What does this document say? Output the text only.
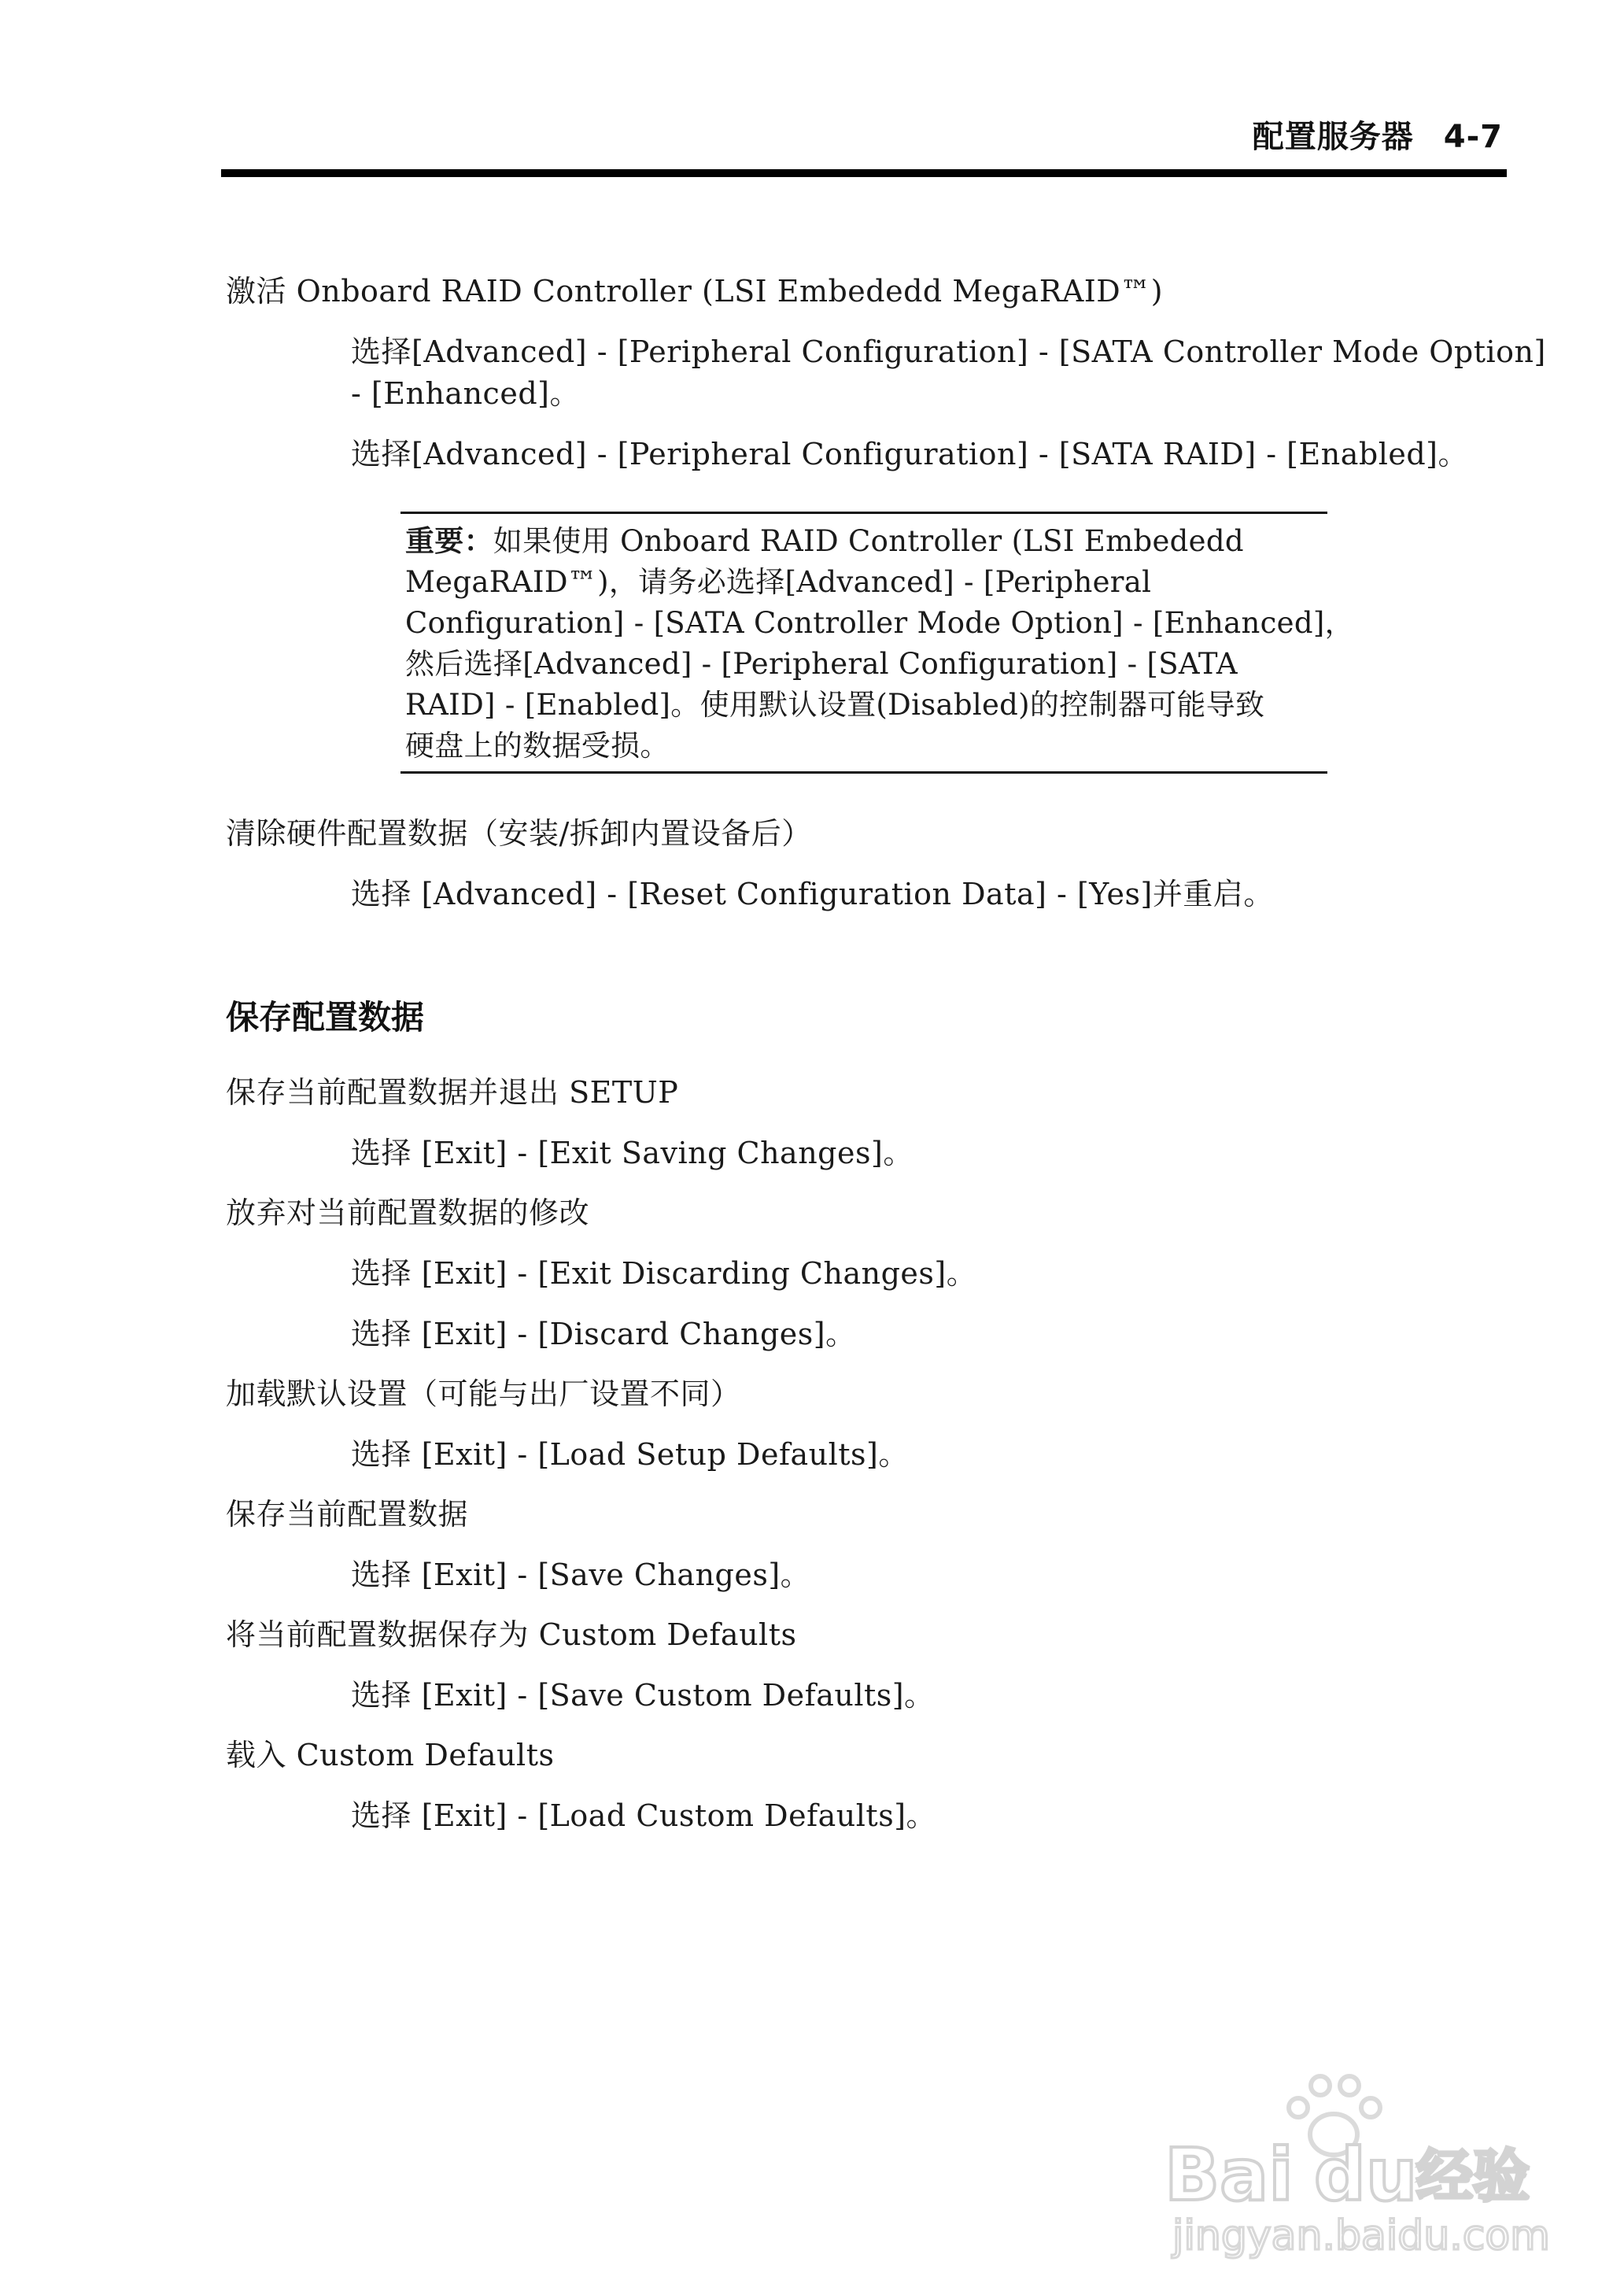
配置服务器 4-7
激活 Onboard RAID Controller (LSI Embededd MegaRAID™)
选择[Advanced] - [Peripheral Configuration] - [SATA Controller Mode Option]
- [Enhanced]。
选择[Advanced] - [Peripheral Configuration] - [SATA RAID] - [Enabled]。
重要：如果使用 Onboard RAID Controller (LSI Embededd
MegaRAID™)，请务必选择[Advanced] - [Peripheral
Configuration] - [SATA Controller Mode Option] - [Enhanced]，
然后选择[Advanced] - [Peripheral Configuration] - [SATA
RAID] - [Enabled]。使用默认设置(Disabled)的控制器可能导致
硬盘上的数据受损。
清除硬件配置数据（安装/拆卸内置设备后）
选择 [Advanced] - [Reset Configuration Data] - [Yes]并重启。
保存配置数据
保存当前配置数据并退出 SETUP
选择 [Exit] - [Exit Saving Changes]。
放弃对当前配置数据的修改
选择 [Exit] - [Exit Discarding Changes]。
选择 [Exit] - [Discard Changes]。
加载默认设置（可能与出厂设置不同）
选择 [Exit] - [Load Setup Defaults]。
保存当前配置数据
选择 [Exit] - [Save Changes]。
将当前配置数据保存为 Custom Defaults
选择 [Exit] - [Save Custom Defaults]。
载入 Custom Defaults
选择 [Exit] - [Load Custom Defaults]。
Bai du
经验
jingyan.baidu.com
